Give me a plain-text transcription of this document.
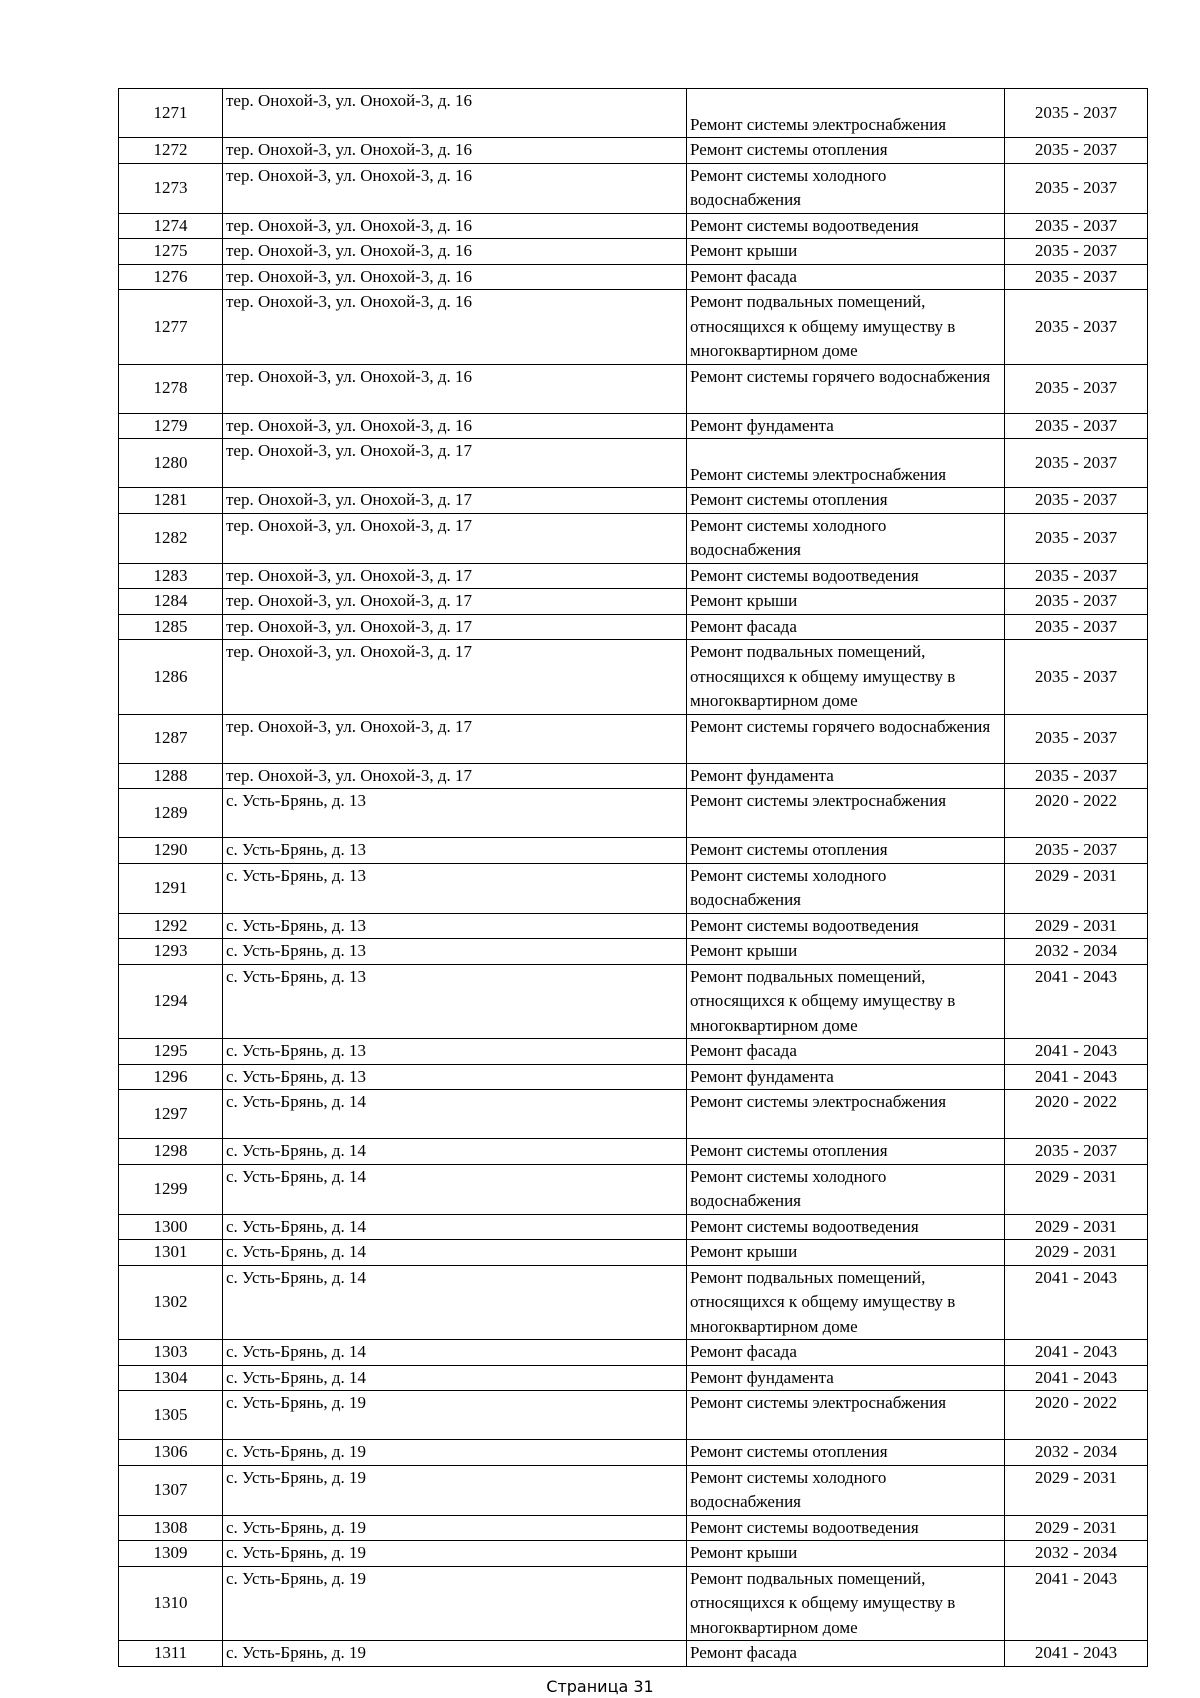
1271	тер. Онохой-3, ул. Онохой-3, д. 16	Ремонт системы электроснабжения	2035 - 2037
1272	тер. Онохой-3, ул. Онохой-3, д. 16	Ремонт системы отопления	2035 - 2037
1273	тер. Онохой-3, ул. Онохой-3, д. 16	Ремонт системы холодного водоснабжения	2035 - 2037
1274	тер. Онохой-3, ул. Онохой-3, д. 16	Ремонт системы водоотведения	2035 - 2037
1275	тер. Онохой-3, ул. Онохой-3, д. 16	Ремонт крыши	2035 - 2037
1276	тер. Онохой-3, ул. Онохой-3, д. 16	Ремонт фасада	2035 - 2037
1277	тер. Онохой-3, ул. Онохой-3, д. 16	Ремонт подвальных помещений, относящихся к общему имуществу в многоквартирном доме	2035 - 2037
1278	тер. Онохой-3, ул. Онохой-3, д. 16	Ремонт системы горячего водоснабжения	2035 - 2037
1279	тер. Онохой-3, ул. Онохой-3, д. 16	Ремонт фундамента	2035 - 2037
1280	тер. Онохой-3, ул. Онохой-3, д. 17	Ремонт системы электроснабжения	2035 - 2037
1281	тер. Онохой-3, ул. Онохой-3, д. 17	Ремонт системы отопления	2035 - 2037
1282	тер. Онохой-3, ул. Онохой-3, д. 17	Ремонт системы холодного водоснабжения	2035 - 2037
1283	тер. Онохой-3, ул. Онохой-3, д. 17	Ремонт системы водоотведения	2035 - 2037
1284	тер. Онохой-3, ул. Онохой-3, д. 17	Ремонт крыши	2035 - 2037
1285	тер. Онохой-3, ул. Онохой-3, д. 17	Ремонт фасада	2035 - 2037
1286	тер. Онохой-3, ул. Онохой-3, д. 17	Ремонт подвальных помещений, относящихся к общему имуществу в многоквартирном доме	2035 - 2037
1287	тер. Онохой-3, ул. Онохой-3, д. 17	Ремонт системы горячего водоснабжения	2035 - 2037
1288	тер. Онохой-3, ул. Онохой-3, д. 17	Ремонт фундамента	2035 - 2037
1289	с. Усть-Брянь, д. 13	Ремонт системы электроснабжения	2020 - 2022
1290	с. Усть-Брянь, д. 13	Ремонт системы отопления	2035 - 2037
1291	с. Усть-Брянь, д. 13	Ремонт системы холодного водоснабжения	2029 - 2031
1292	с. Усть-Брянь, д. 13	Ремонт системы водоотведения	2029 - 2031
1293	с. Усть-Брянь, д. 13	Ремонт крыши	2032 - 2034
1294	с. Усть-Брянь, д. 13	Ремонт подвальных помещений, относящихся к общему имуществу в многоквартирном доме	2041 - 2043
1295	с. Усть-Брянь, д. 13	Ремонт фасада	2041 - 2043
1296	с. Усть-Брянь, д. 13	Ремонт фундамента	2041 - 2043
1297	с. Усть-Брянь, д. 14	Ремонт системы электроснабжения	2020 - 2022
1298	с. Усть-Брянь, д. 14	Ремонт системы отопления	2035 - 2037
1299	с. Усть-Брянь, д. 14	Ремонт системы холодного водоснабжения	2029 - 2031
1300	с. Усть-Брянь, д. 14	Ремонт системы водоотведения	2029 - 2031
1301	с. Усть-Брянь, д. 14	Ремонт крыши	2029 - 2031
1302	с. Усть-Брянь, д. 14	Ремонт подвальных помещений, относящихся к общему имуществу в многоквартирном доме	2041 - 2043
1303	с. Усть-Брянь, д. 14	Ремонт фасада	2041 - 2043
1304	с. Усть-Брянь, д. 14	Ремонт фундамента	2041 - 2043
1305	с. Усть-Брянь, д. 19	Ремонт системы электроснабжения	2020 - 2022
1306	с. Усть-Брянь, д. 19	Ремонт системы отопления	2032 - 2034
1307	с. Усть-Брянь, д. 19	Ремонт системы холодного водоснабжения	2029 - 2031
1308	с. Усть-Брянь, д. 19	Ремонт системы водоотведения	2029 - 2031
1309	с. Усть-Брянь, д. 19	Ремонт крыши	2032 - 2034
1310	с. Усть-Брянь, д. 19	Ремонт подвальных помещений, относящихся к общему имуществу в многоквартирном доме	2041 - 2043
1311	с. Усть-Брянь, д. 19	Ремонт фасада	2041 - 2043
Страница 31
